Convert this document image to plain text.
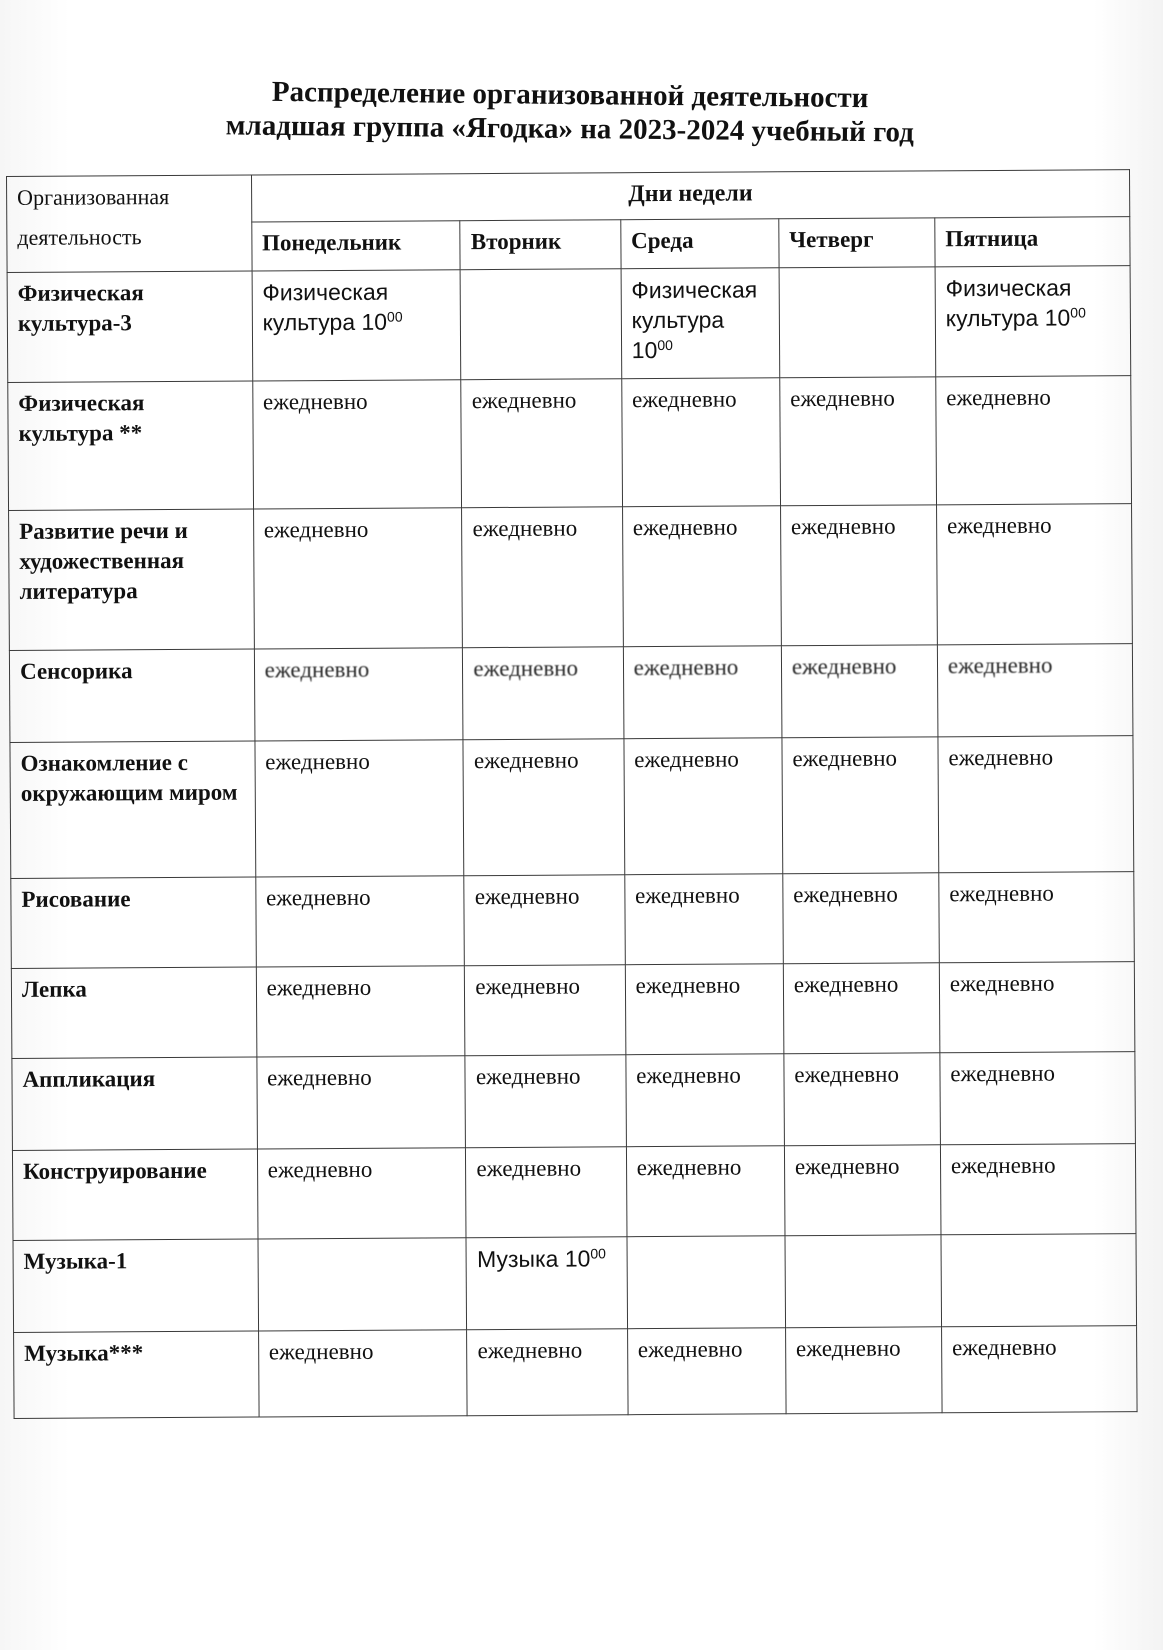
Распределение организованной деятельности
младшая группа «Ягодка» на 2023-2024 учебный год
Организованная
деятельность	Дни недели				
	Понедельник	Вторник	Среда	Четверг	Пятница
Физическая культура-3	Физическая культура $10^{00}$		Физическая культура $10^{00}$		Физическая культура $10^{00}$
Физическая культура **	ежедневно	ежедневно	ежедневно	ежедневно	ежедневно
Развитие речи и художественная литература	ежедневно	ежедневно	ежедневно	ежедневно	ежедневно
Сенсорика	ежедневно	ежедневно	ежедневно	ежедневно	ежедневно
Ознакомление с окружающим миром	ежедневно	ежедневно	ежедневно	ежедневно	ежедневно
Рисование	ежедневно	ежедневно	ежедневно	ежедневно	ежедневно
Лепка	ежедневно	ежедневно	ежедневно	ежедневно	ежедневно
Аппликация	ежедневно	ежедневно	ежедневно	ежедневно	ежедневно
Конструирование	ежедневно	ежедневно	ежедневно	ежедневно	ежедневно
Музыка-1		Музыка $10^{00}$			
Музыка***	ежедневно	ежедневно	ежедневно	ежедневно	ежедневно
